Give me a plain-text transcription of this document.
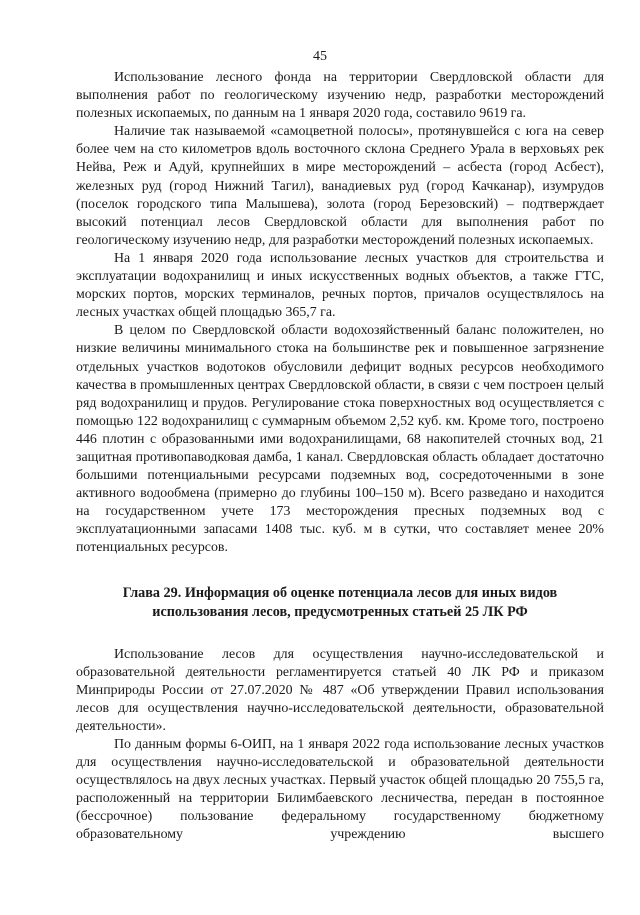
45

Использование лесного фонда на территории Свердловской области для выполнения работ по геологическому изучению недр, разработки месторождений полезных ископаемых, по данным на 1 января 2020 года, составило 9619 га.

Наличие так называемой «самоцветной полосы», протянувшейся с юга на север более чем на сто километров вдоль восточного склона Среднего Урала в верховьях рек Нейва, Реж и Адуй, крупнейших в мире месторождений – асбеста (город Асбест), железных руд (город Нижний Тагил), ванадиевых руд (город Качканар), изумрудов (поселок городского типа Малышева), золота (город Березовский) – подтверждает высокий потенциал лесов Свердловской области для выполнения работ по геологическому изучению недр, для разработки месторождений полезных ископаемых.

На 1 января 2020 года использование лесных участков для строительства и эксплуатации водохранилищ и иных искусственных водных объектов, а также ГТС, морских портов, морских терминалов, речных портов, причалов осуществлялось на лесных участках общей площадью 365,7 га.

В целом по Свердловской области водохозяйственный баланс положителен, но низкие величины минимального стока на большинстве рек и повышенное загрязнение отдельных участков водотоков обусловили дефицит водных ресурсов необходимого качества в промышленных центрах Свердловской области, в связи с чем построен целый ряд водохранилищ и прудов. Регулирование стока поверхностных вод осуществляется с помощью 122 водохранилищ с суммарным объемом 2,52 куб. км. Кроме того, построено 446 плотин с образованными ими водохранилищами, 68 накопителей сточных вод, 21 защитная противопаводковая дамба, 1 канал. Свердловская область обладает достаточно большими потенциальными ресурсами подземных вод, сосредоточенными в зоне активного водообмена (примерно до глубины 100–150 м). Всего разведано и находится на государственном учете 173 месторождения пресных подземных вод с эксплуатационными запасами 1408 тыс. куб. м в сутки, что составляет менее 20% потенциальных ресурсов.

Глава 29. Информация об оценке потенциала лесов для иных видов использования лесов, предусмотренных статьей 25 ЛК РФ

Использование лесов для осуществления научно-исследовательской и образовательной деятельности регламентируется статьей 40 ЛК РФ и приказом Минприроды России от 27.07.2020 № 487 «Об утверждении Правил использования лесов для осуществления научно-исследовательской деятельности, образовательной деятельности».

По данным формы 6-ОИП, на 1 января 2022 года использование лесных участков для осуществления научно-исследовательской и образовательной деятельности осуществлялось на двух лесных участках. Первый участок общей площадью 20 755,5 га, расположенный на территории Билимбаевского лесничества, передан в постоянное (бессрочное) пользование федеральному государственному бюджетному образовательному учреждению высшего
